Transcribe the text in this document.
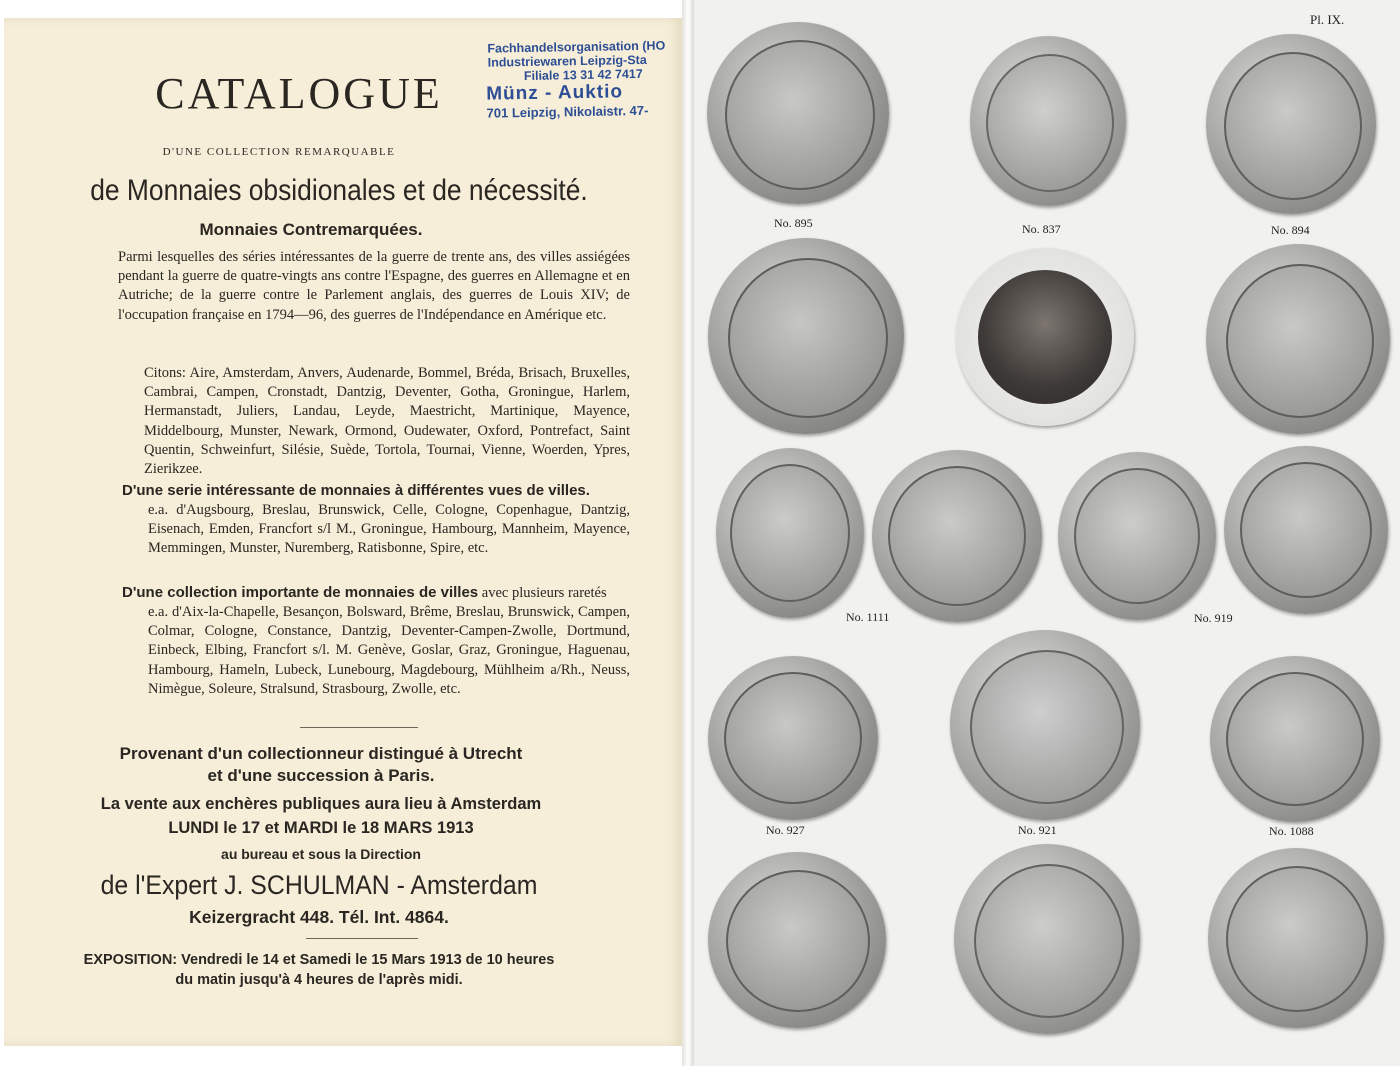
CATALOGUE
D'UNE COLLECTION REMARQUABLE
de Monnaies obsidionales et de nécessité.
Monnaies Contremarquées.
Parmi lesquelles des séries intéressantes de la guerre de trente ans, des villes assiégées pendant la guerre de quatre-vingts ans contre l'Espagne, des guerres en Allemagne et en Autriche; de la guerre contre le Parlement anglais, des guerres de Louis XIV; de l'occupation française en 1794—96, des guerres de l'Indépendance en Amérique etc.
Citons: Aire, Amsterdam, Anvers, Audenarde, Bommel, Bréda, Brisach, Bruxelles, Cambrai, Campen, Cronstadt, Dantzig, Deventer, Gotha, Groningue, Harlem, Hermanstadt, Juliers, Landau, Leyde, Maestricht, Martinique, Mayence, Middelbourg, Munster, Newark, Ormond, Oudewater, Oxford, Pontrefact, Saint Quentin, Schweinfurt, Silésie, Suède, Tortola, Tournai, Vienne, Woerden, Ypres, Zierikzee.
D'une serie intéressante de monnaies à différentes vues de villes.
e.a. d'Augsbourg, Breslau, Brunswick, Celle, Cologne, Copenhague, Dantzig, Eisenach, Emden, Francfort s/l M., Groningue, Hambourg, Mannheim, Mayence, Memmingen, Munster, Nuremberg, Ratisbonne, Spire, etc.
D'une collection importante de monnaies de villes avec plusieurs raretés
e.a. d'Aix-la-Chapelle, Besançon, Bolsward, Brême, Breslau, Brunswick, Campen, Colmar, Cologne, Constance, Dantzig, Deventer-Campen-Zwolle, Dortmund, Einbeck, Elbing, Francfort s/l. M. Genève, Goslar, Graz, Groningue, Haguenau, Hambourg, Hameln, Lubeck, Lunebourg, Magdebourg, Mühlheim a/Rh., Neuss, Nimègue, Soleure, Stralsund, Strasbourg, Zwolle, etc.
Provenant d'un collectionneur distingué à Utrecht
et d'une succession à Paris.
La vente aux enchères publiques aura lieu à Amsterdam
LUNDI le 17 et MARDI le 18 MARS 1913
au bureau et sous la Direction
de l'Expert J. SCHULMAN - Amsterdam
Keizergracht 448. Tél. Int. 4864.
EXPOSITION: Vendredi le 14 et Samedi le 15 Mars 1913 de 10 heures
du matin jusqu'à 4 heures de l'après midi.
Fachhandelsorganisation (HO
Industriewaren Leipzig-Sta
Filiale 13 31 42 7417
Münz - Auktio
701 Leipzig, Nikolaistr. 47-
Pl. IX.
No. 895	No. 837	No. 894
No. 1111	No. 919
No. 927	No. 921	No. 1088
